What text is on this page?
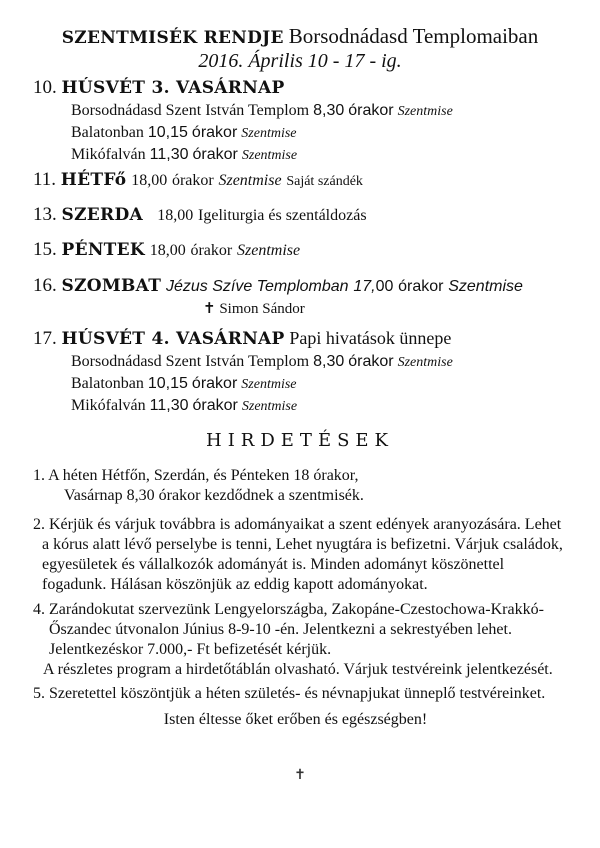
SZENTMISÉK RENDJE Borsodnádasd Templomaiban
2016. Április 10 - 17 - ig.
10. HÚSVÉT 3. VASÁRNAP
Borsodnádasd Szent István Templom 8,30 órakor Szentmise
Balatonban 10,15 órakor Szentmise
Mikófalván 11,30 órakor Szentmise
11. HÉTFő 18,00 órakor Szentmise Saját szándék
13. SZERDA 18,00 Igeliturgia és szentáldozás
15. PÉNTEK 18,00 órakor Szentmise
16. SZOMBAT Jézus Szíve Templomban 17,00 órakor Szentmise
✝ Simon Sándor
17. HÚSVÉT 4. VASÁRNAP Papi hivatások ünnepe
Borsodnádasd Szent István Templom 8,30 órakor Szentmise
Balatonban 10,15 órakor Szentmise
Mikófalván 11,30 órakor Szentmise
HIRDETÉSEK
1. A héten Hétfőn, Szerdán, és Pénteken 18 órakor,
Vasárnap 8,30 órakor kezdődnek a szentmisék.
2. Kérjük és várjuk továbbra is adományaikat a szent edények aranyozására. Lehet
a kórus alatt lévő perselybe is tenni, Lehet nyugtára is befizetni. Várjuk családok,
egyesületek és vállalkozók adományát is. Minden adományt köszönettel
fogadunk. Hálásan köszönjük az eddig kapott adományokat.
4. Zarándokutat szervezünk Lengyelországba, Zakopáne-Czestochowa-Krakkó-
Őszandec útvonalon Június 8-9-10 -én. Jelentkezni a sekrestyében lehet.
Jelentkezéskor 7.000,- Ft befizetését kérjük.
A részletes program a hirdetőtáblán olvasható. Várjuk testvéreink jelentkezését.
5. Szeretettel köszöntjük a héten születés- és névnapjukat ünneplő testvéreinket.
Isten éltesse őket erőben és egészségben!
✝
